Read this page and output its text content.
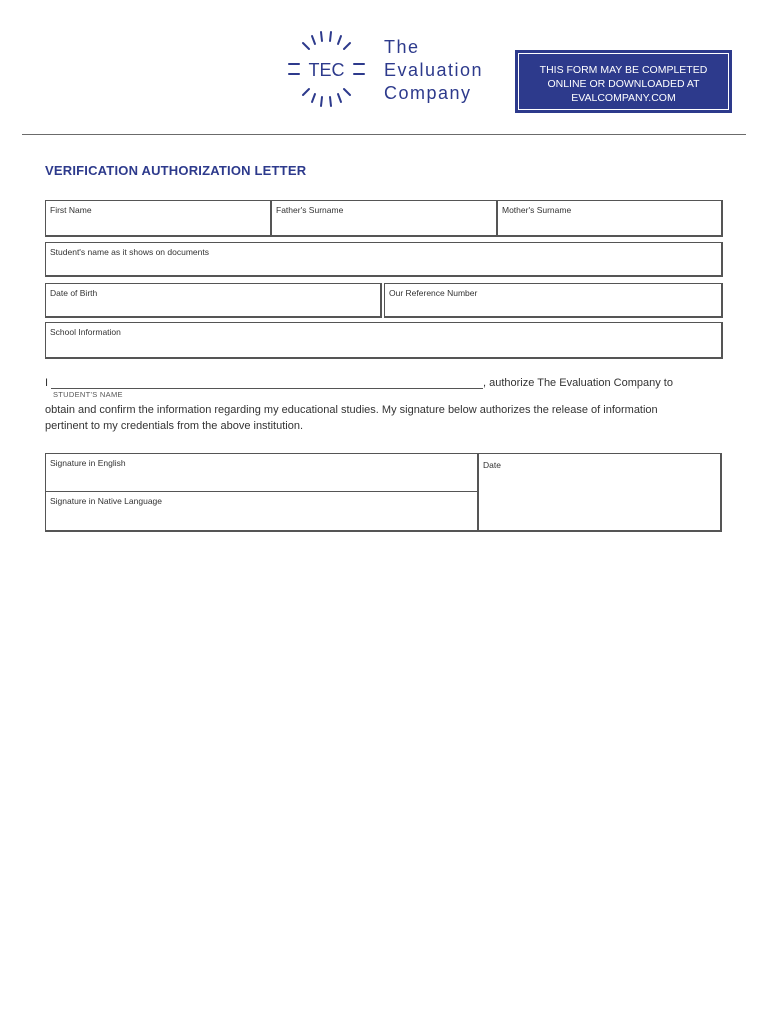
TEC
The
Evaluation
Company
THIS FORM MAY BE COMPLETED
ONLINE OR DOWNLOADED AT
EVALCOMPANY.COM
VERIFICATION AUTHORIZATION LETTER
First Name	Father's Surname	Mother's Surname
Student's name as it shows on documents
Date of Birth	Our Reference Number
School Information
I	, authorize The Evaluation Company to
STUDENT'S NAME
obtain and confirm the information regarding my educational studies. My signature below authorizes the release of information
pertinent to my credentials from the above institution.
Signature in English
Signature in Native Language
Date
